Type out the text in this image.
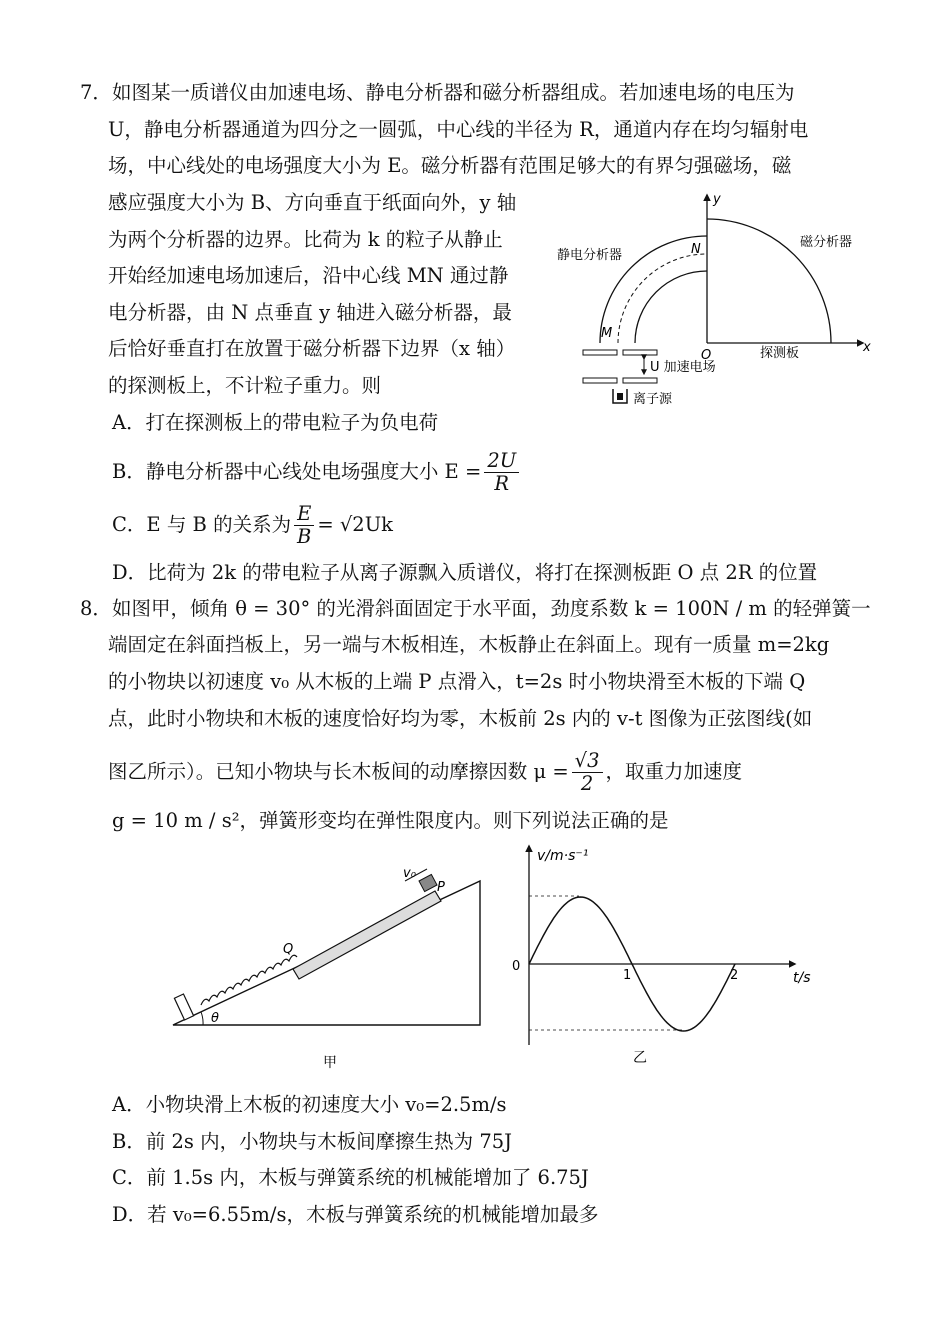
7． 如图某一质谱仪由加速电场、静电分析器和磁分析器组成。若加速电场的电压为
U，静电分析器通道为四分之一圆弧，中心线的半径为 R，通道内存在均匀辐射电
场，中心线处的电场强度大小为 E。磁分析器有范围足够大的有界匀强磁场，磁
感应强度大小为 B、方向垂直于纸面向外，y 轴
为两个分析器的边界。比荷为 k 的粒子从静止
开始经加速电场加速后，沿中心线 MN 通过静
电分析器，由 N 点垂直 y 轴进入磁分析器，最
后恰好垂直打在放置于磁分析器下边界（x 轴）
的探测板上，不计粒子重力。则
y
x
N
M
O
静电分析器
磁分析器
探测板
U 加速电场
离子源
A．打在探测板上的带电粒子为负电荷
B．静电分析器中心线处电场强度大小 $E = \frac{2U}{R}$
C．E 与 B 的关系为 $\frac{E}{B} = √2Uk$
D．比荷为 2k 的带电粒子从离子源飘入质谱仪，将打在探测板距 O 点 2R 的位置
8． 如图甲，倾角 θ = 30° 的光滑斜面固定于水平面，劲度系数 k = 100N / m 的轻弹簧一
端固定在斜面挡板上，另一端与木板相连，木板静止在斜面上。现有一质量 m=2kg
的小物块以初速度 v₀ 从木板的上端 P 点滑入，t=2s 时小物块滑至木板的下端 Q
点，此时小物块和木板的速度恰好均为零，木板前 2s 内的 v-t 图像为正弦图线(如
图乙所示）。已知小物块与长木板间的动摩擦因数 $\mu = \frac{√3}{2}$ ，取重力加速度
g = 10 m / s²，弹簧形变均在弹性限度内。则下列说法正确的是
v₀
P
Q
θ
甲
v/m·s⁻¹
t/s
0
1	2
乙
A．小物块滑上木板的初速度大小 v₀=2.5m/s
B．前 2s 内，小物块与木板间摩擦生热为 75J
C．前 1.5s 内，木板与弹簧系统的机械能增加了 6.75J
D．若 v₀=6.55m/s，木板与弹簧系统的机械能增加最多
